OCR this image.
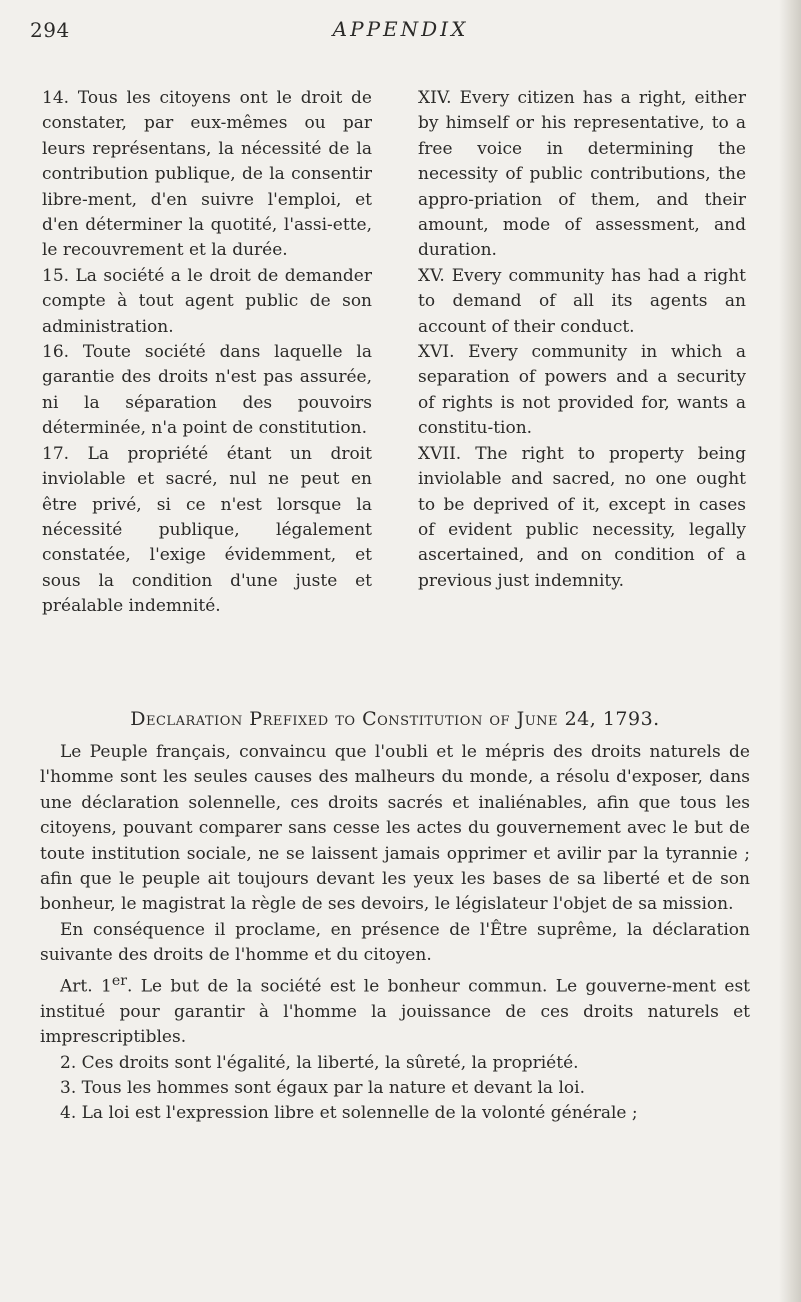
294	APPENDIX

14. Tous les citoyens ont le droit de constater, par eux-mêmes ou par leurs représentans, la nécessité de la contribution publique, de la consentir libre-ment, d'en suivre l'emploi, et d'en déterminer la quotité, l'assi-ette, le recouvrement et la durée.

15. La société a le droit de demander compte à tout agent public de son administration.

16. Toute société dans laquelle la garantie des droits n'est pas assurée, ni la séparation des pouvoirs déterminée, n'a point de constitution.

17. La propriété étant un droit inviolable et sacré, nul ne peut en être privé, si ce n'est lorsque la nécessité publique, légalement constatée, l'exige évidemment, et sous la condition d'une juste et préalable indemnité.

XIV. Every citizen has a right, either by himself or his representative, to a free voice in determining the necessity of public contributions, the appro-priation of them, and their amount, mode of assessment, and duration.

XV. Every community has had a right to demand of all its agents an account of their conduct.

XVI. Every community in which a separation of powers and a security of rights is not provided for, wants a constitu-tion.

XVII. The right to property being inviolable and sacred, no one ought to be deprived of it, except in cases of evident public necessity, legally ascertained, and on condition of a previous just indemnity.

Declaration Prefixed to Constitution of June 24, 1793.

Le Peuple français, convaincu que l'oubli et le mépris des droits naturels de l'homme sont les seules causes des malheurs du monde, a résolu d'exposer, dans une déclaration solennelle, ces droits sacrés et inaliénables, afin que tous les citoyens, pouvant comparer sans cesse les actes du gouvernement avec le but de toute institution sociale, ne se laissent jamais opprimer et avilir par la tyrannie ; afin que le peuple ait toujours devant les yeux les bases de sa liberté et de son bonheur, le magistrat la règle de ses devoirs, le législateur l'objet de sa mission.

En conséquence il proclame, en présence de l'Être suprême, la déclaration suivante des droits de l'homme et du citoyen.

Art. 1er. Le but de la société est le bonheur commun. Le gouverne-ment est institué pour garantir à l'homme la jouissance de ces droits naturels et imprescriptibles.

2. Ces droits sont l'égalité, la liberté, la sûreté, la propriété.

3. Tous les hommes sont égaux par la nature et devant la loi.

4. La loi est l'expression libre et solennelle de la volonté générale ;
